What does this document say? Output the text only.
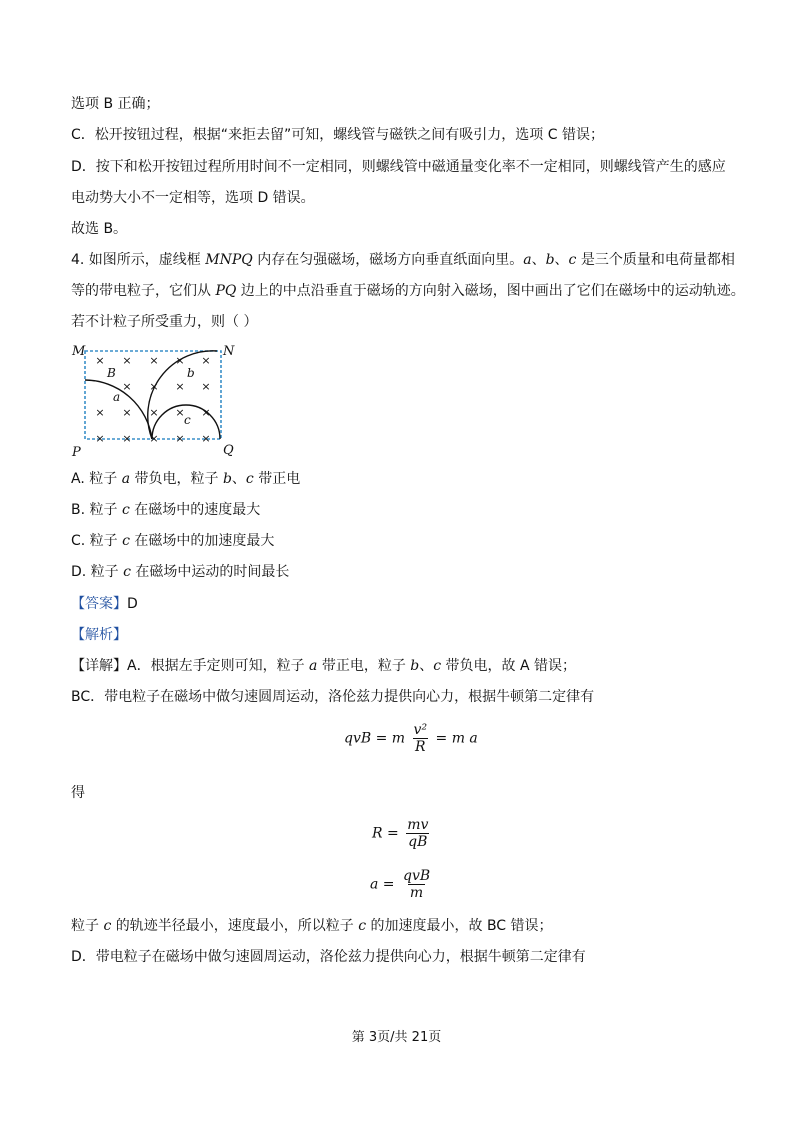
选项 B 正确；
C．松开按钮过程，根据“来拒去留”可知，螺线管与磁铁之间有吸引力，选项 C 错误；
D．按下和松开按钮过程所用时间不一定相同，则螺线管中磁通量变化率不一定相同，则螺线管产生的感应
电动势大小不一定相等，选项 D 错误。
故选 B。
4. 如图所示，虚线框 MNPQ 内存在匀强磁场，磁场方向垂直纸面向里。a、b、c 是三个质量和电荷量都相
等的带电粒子，它们从 PQ 边上的中点沿垂直于磁场的方向射入磁场，图中画出了它们在磁场中的运动轨迹。
若不计粒子所受重力，则（ ）
× × × × ×
× × × ×
× × × × ×
× × × × ×
M	N
P	Q
B
a
b
c
A. 粒子 a 带负电，粒子 b、c 带正电
B. 粒子 c 在磁场中的速度最大
C. 粒子 c 在磁场中的加速度最大
D. 粒子 c 在磁场中运动的时间最长
【答案】D
【解析】
【详解】A．根据左手定则可知，粒子 a 带正电，粒子 b、c 带负电，故 A 错误；
BC．带电粒子在磁场中做匀速圆周运动，洛伦兹力提供向心力，根据牛顿第二定律有
qvB = m $\frac{\text{v²}}{R} = m$ a
得
$R = \frac{mv}{qB}$
$a = \frac{\text{qvB}}{m}$
粒子 c 的轨迹半径最小，速度最小，所以粒子 c 的加速度最小，故 BC 错误；
D．带电粒子在磁场中做匀速圆周运动，洛伦兹力提供向心力，根据牛顿第二定律有
第 3页/共 21页
